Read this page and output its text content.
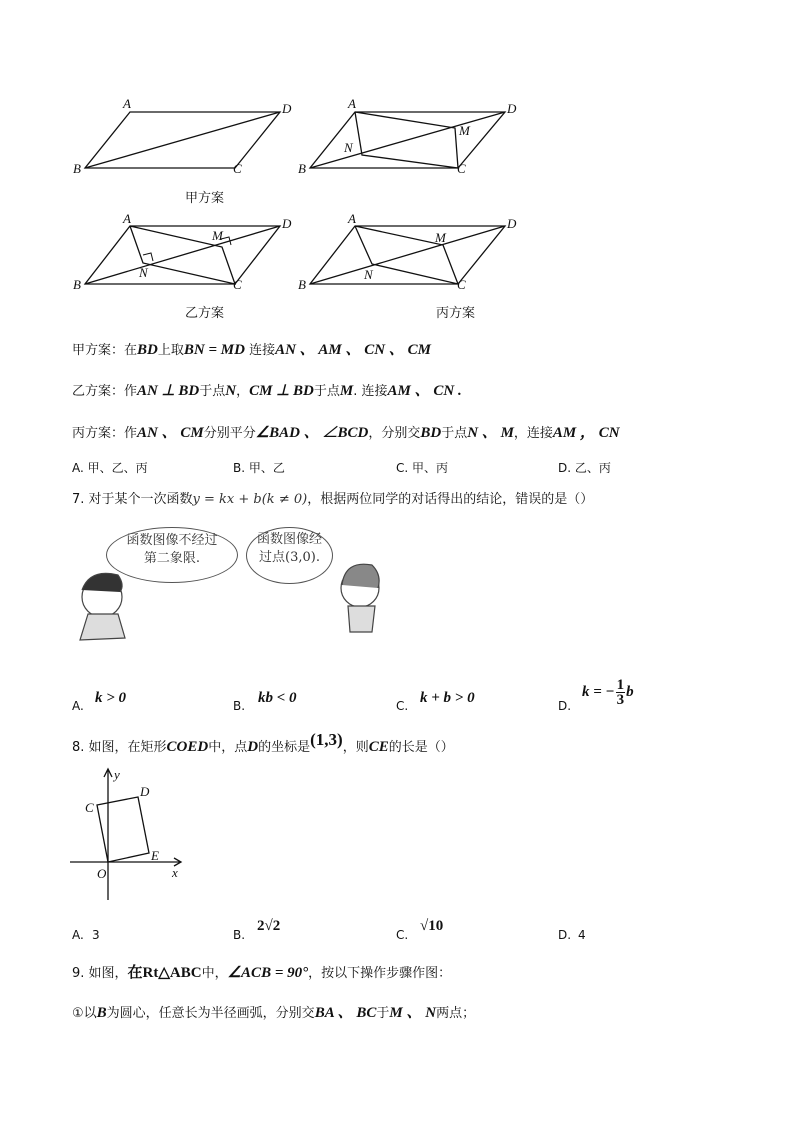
A	D
B	C
A	D
B	C
M
N
A	D
B	C
M
N
A	D
B	C
M
N
y
x
O
C
D
E
甲方案
乙方案	丙方案
甲方案：在BD上取BN = MD 连接AN 、 AM 、 CN 、 CM
乙方案：作AN ⊥ BD于点N，CM ⊥ BD于点M. 连接AM 、 CN .
丙方案：作AN 、 CM分别平分∠BAD 、 ∠BCD，分别交BD于点N 、 M，连接AM ， CN
A. 甲、乙、丙	B. 甲、乙	C. 甲、丙	D. 乙、丙
7. 对于某个一次函数y = kx + b(k ≠ 0)，根据两位同学的对话得出的结论，错误的是（）
函数图像不经过
第二象限.
函数图像经
过点(3,0).
A. k > 0	B. kb < 0	C. k + b > 0	D.
k = − $\frac{1}{3}$ b
8. 如图，在矩形COED中，点D的坐标是(1,3)，则CE的长是（）
A. 3	B.
2√2
C.
√10
D. 4
9. 如图，在Rt△ABC中，∠ACB = 90°，按以下操作步骤作图：
①以B为圆心，任意长为半径画弧，分别交BA 、 BC于M 、 N两点；
